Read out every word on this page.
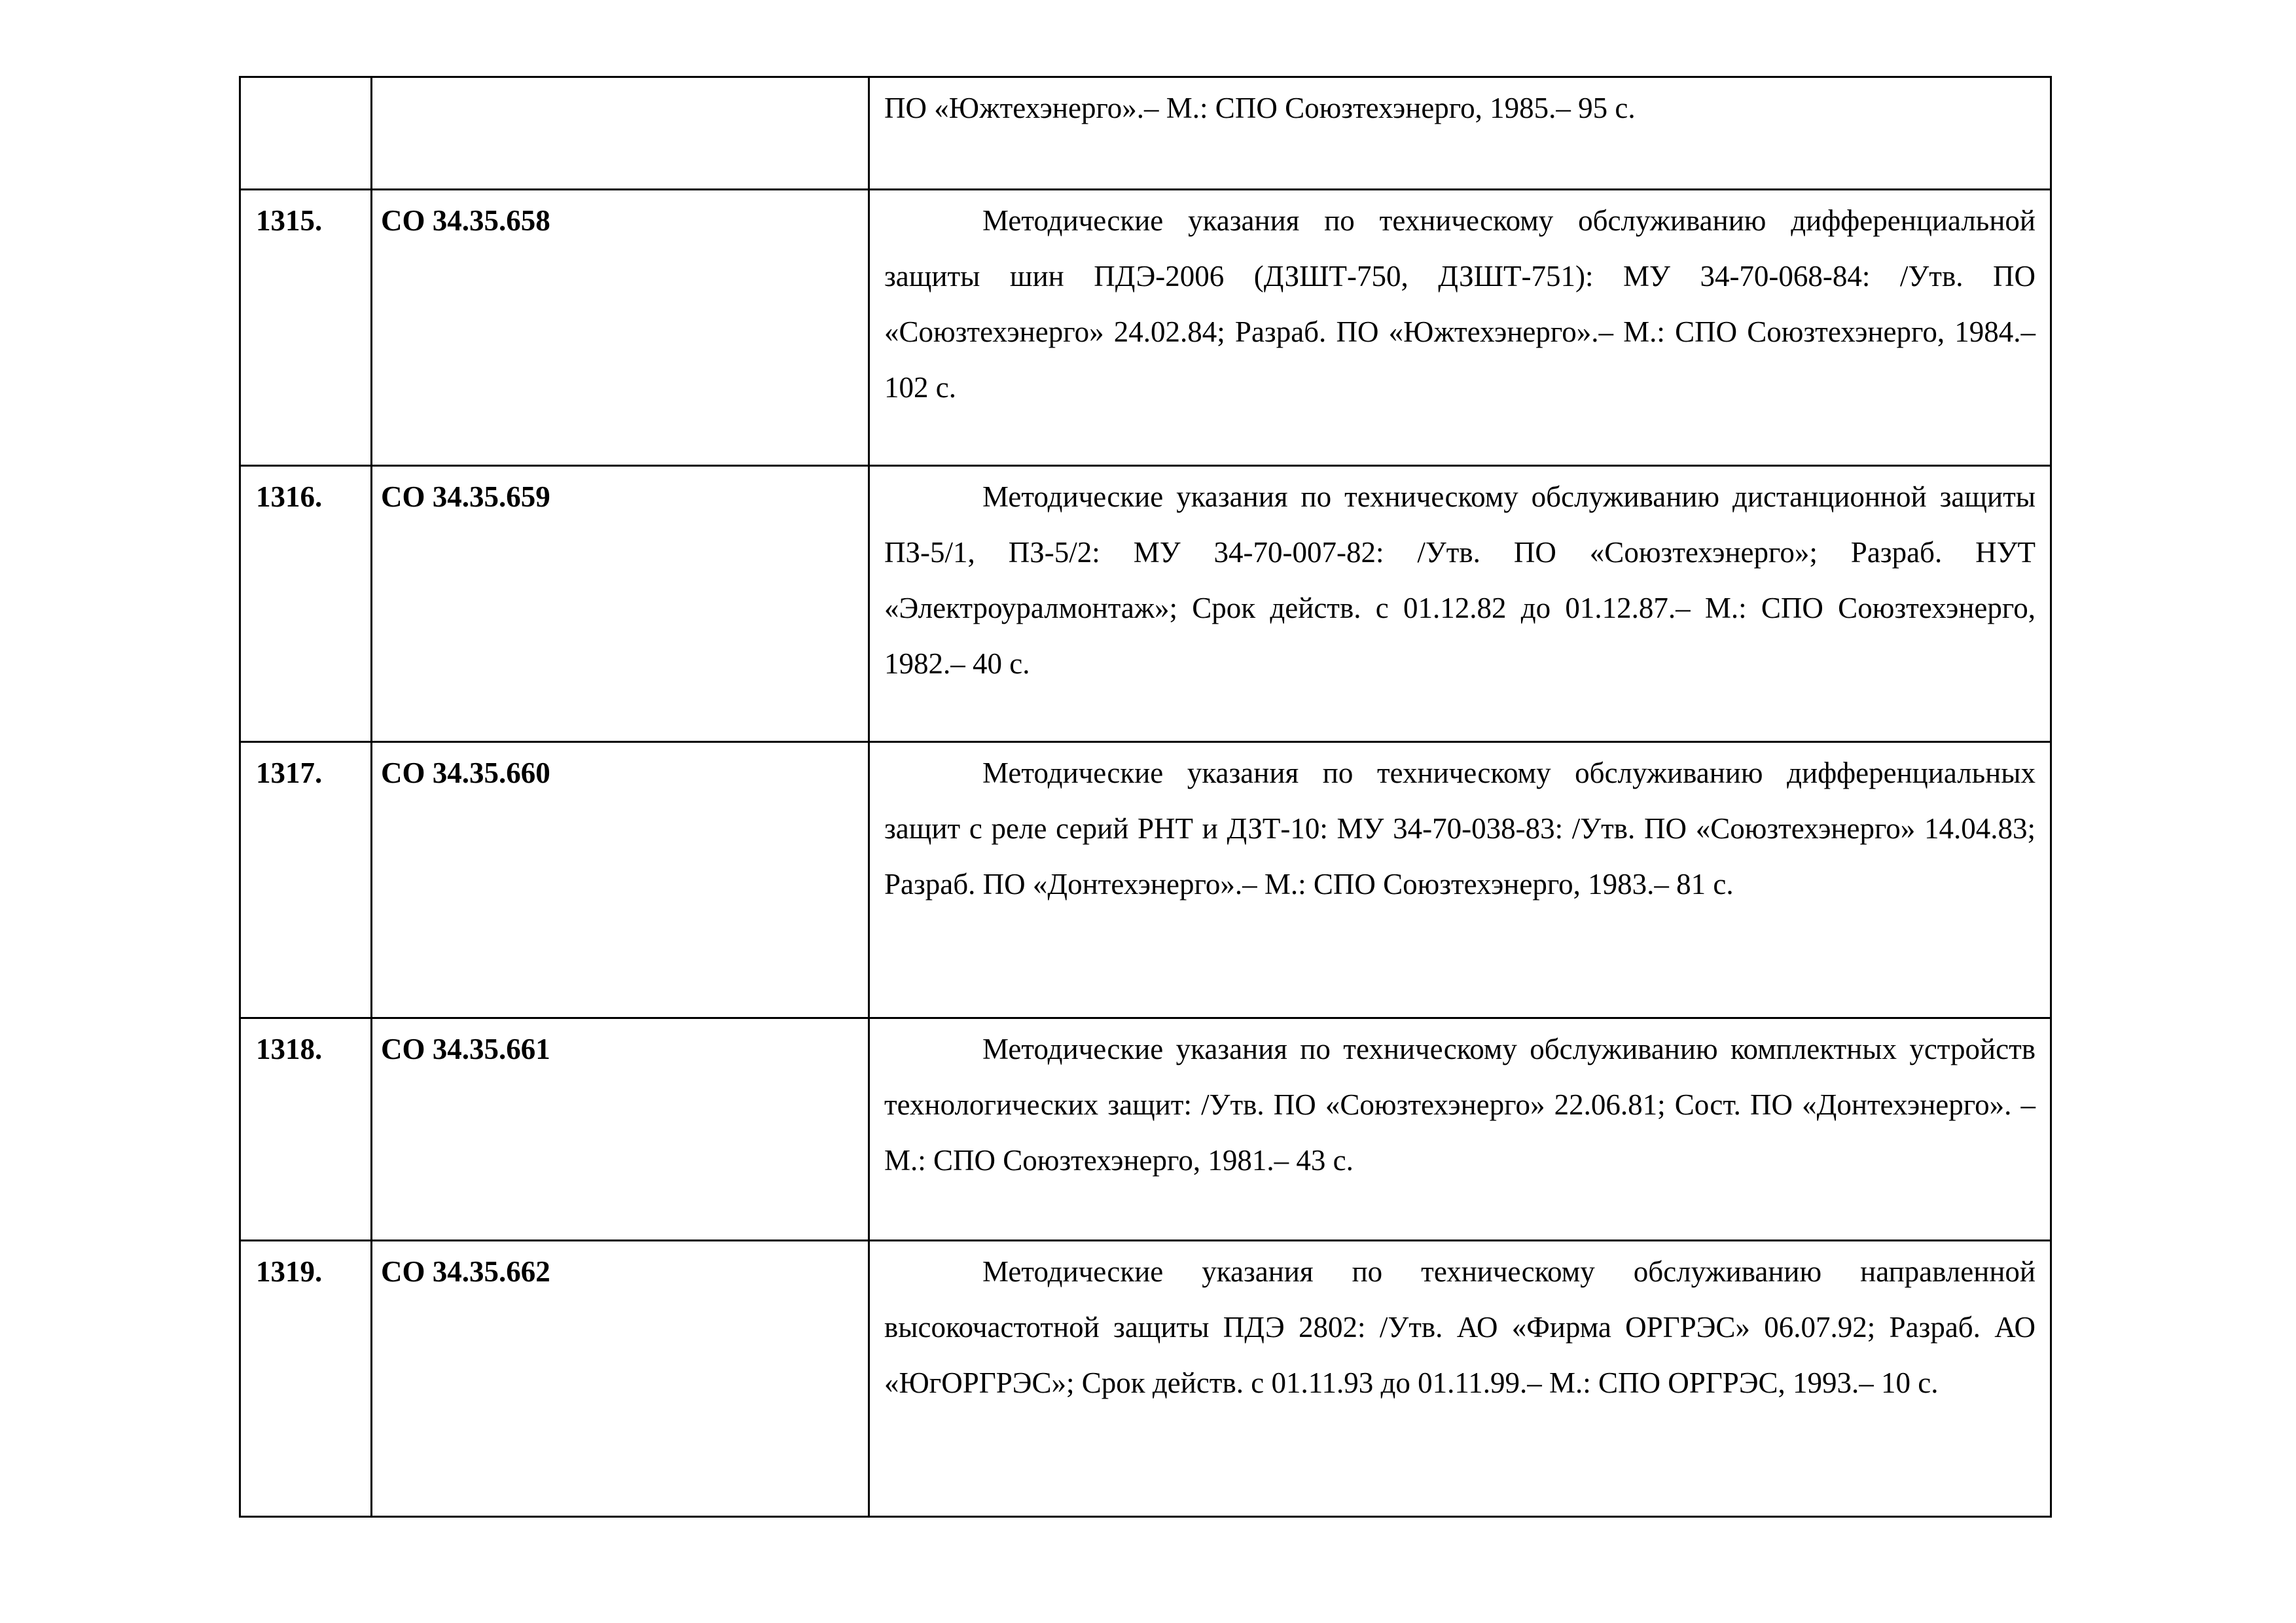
		ПО «Южтехэнерго».– М.: СПО Союзтехэнерго, 1985.– 95 с.
1315.	СО 34.35.658	Методические указания по техническому обслуживанию дифференциальной защиты шин ПДЭ-2006 (ДЗШТ-750, ДЗШТ-751): МУ 34-70-068-84: /Утв. ПО «Союзтехэнерго» 24.02.84; Разраб. ПО «Южтехэнерго».– М.: СПО Союзтехэнерго, 1984.– 102 с.
1316.	СО 34.35.659	Методические указания по техническому обслуживанию дистанционной защиты ПЗ-5/1, ПЗ-5/2: МУ 34-70-007-82: /Утв. ПО «Союзтехэнерго»; Разраб. НУТ «Электроуралмонтаж»; Срок действ. с 01.12.82 до 01.12.87.– М.: СПО Союзтехэнерго, 1982.– 40 с.
1317.	СО 34.35.660	Методические указания по техническому обслуживанию дифференциальных защит с реле серий РНТ и ДЗТ-10: МУ 34-70-038-83: /Утв. ПО «Союзтехэнерго» 14.04.83; Разраб. ПО «Донтехэнерго».– М.: СПО Союзтехэнерго, 1983.– 81 с.
1318.	СО 34.35.661	Методические указания по техническому обслуживанию комплектных устройств технологических защит: /Утв. ПО «Союзтехэнерго» 22.06.81; Сост. ПО «Донтехэнерго». – М.: СПО Союзтехэнерго, 1981.– 43 с.
1319.	СО 34.35.662	Методические указания по техническому обслуживанию направленной высокочастотной защиты ПДЭ 2802: /Утв. АО «Фирма ОРГРЭС» 06.07.92; Разраб. АО «ЮгОРГРЭС»; Срок действ. с 01.11.93 до 01.11.99.– М.: СПО ОРГРЭС, 1993.– 10 с.
